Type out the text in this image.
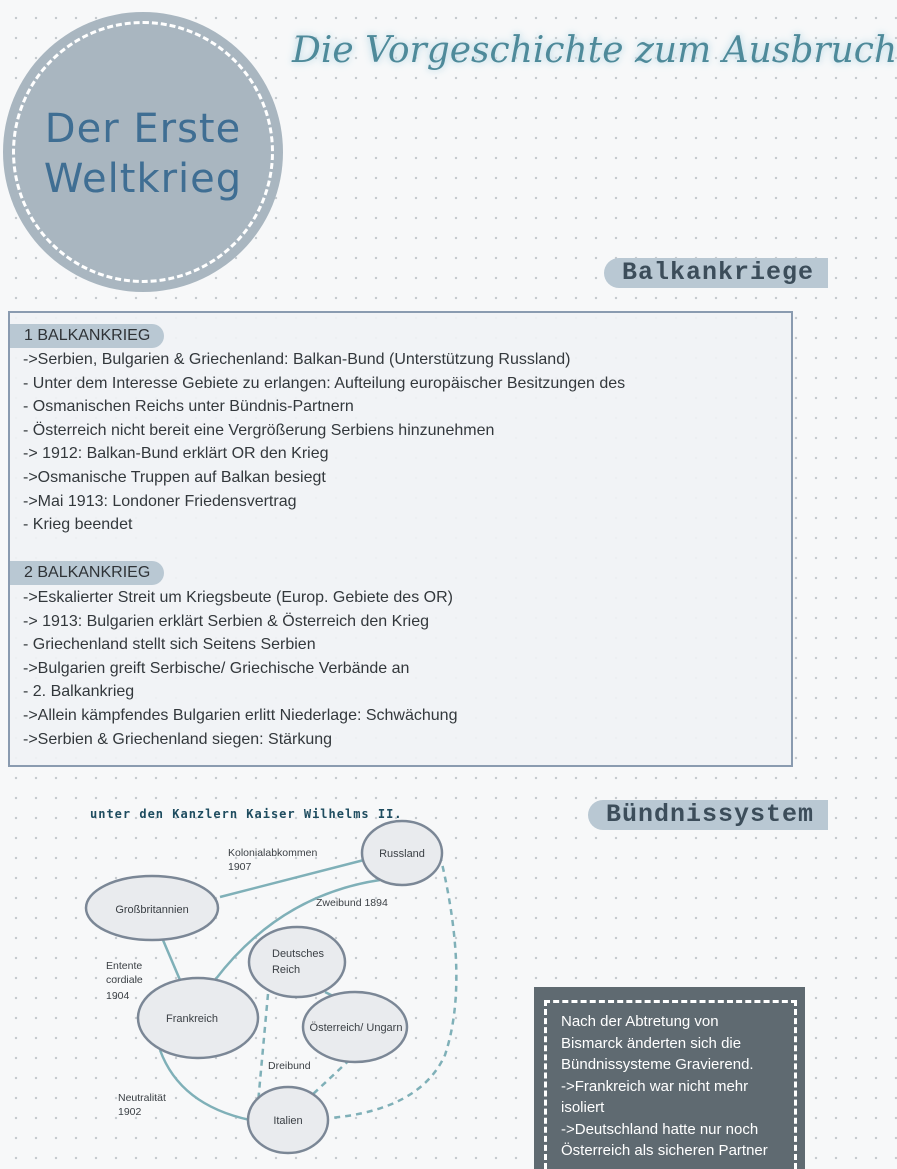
Der Erste
Weltkrieg
Die Vorgeschichte zum Ausbruch
Balkankriege
1 BALKANKRIEG
->Serbien, Bulgarien & Griechenland: Balkan-Bund (Unterstützung Russland)
- Unter dem Interesse Gebiete zu erlangen: Aufteilung europäischer Besitzungen des
- Osmanischen Reichs unter Bündnis-Partnern
- Österreich nicht bereit eine Vergrößerung Serbiens hinzunehmen
-> 1912: Balkan-Bund erklärt OR den Krieg
->Osmanische Truppen auf Balkan besiegt
->Mai 1913: Londoner Friedensvertrag
- Krieg beendet
2 BALKANKRIEG
->Eskalierter Streit um Kriegsbeute (Europ. Gebiete des OR)
-> 1913: Bulgarien erklärt Serbien & Österreich den Krieg
- Griechenland stellt sich Seitens Serbien
->Bulgarien greift Serbische/ Griechische Verbände an
- 2. Balkankrieg
->Allein kämpfendes Bulgarien erlitt Niederlage: Schwächung
->Serbien & Griechenland siegen: Stärkung
Bündnissystem
unter den Kanzlern Kaiser Wilhelms II.
Russland
Großbritannien
Deutsches
Reich
Frankreich
Österreich/ Ungarn
Italien
Kolonialabkommen
1907
Zweibund 1894
Entente
cordiale
1904
Dreibund
Neutralität
1902
Nach der Abtretung von
Bismarck änderten sich die
Bündnissysteme Gravierend.
->Frankreich war nicht mehr
isoliert
->Deutschland hatte nur noch
Österreich als sicheren Partner
